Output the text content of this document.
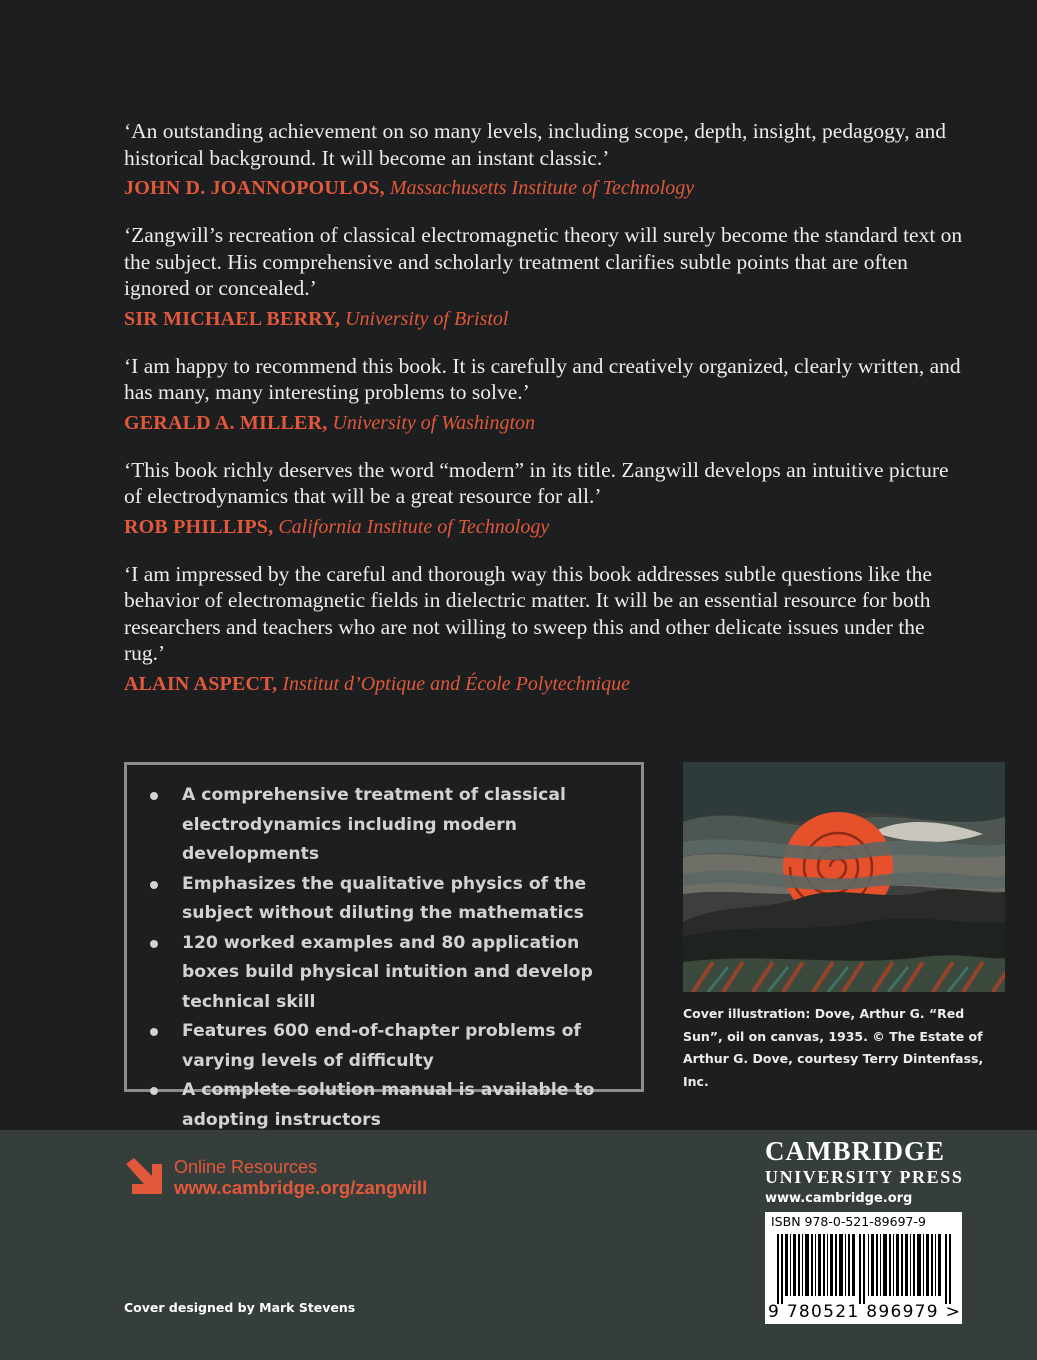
‘An outstanding achievement on so many levels, including scope, depth, insight, pedagogy, and historical background. It will become an instant classic.’

JOHN D. JOANNOPOULOS, Massachusetts Institute of Technology

‘Zangwill’s recreation of classical electromagnetic theory will surely become the standard text on the subject. His comprehensive and scholarly treatment clarifies subtle points that are often ignored or concealed.’

SIR MICHAEL BERRY, University of Bristol

‘I am happy to recommend this book. It is carefully and creatively organized, clearly written, and has many, many interesting problems to solve.’

GERALD A. MILLER, University of Washington

‘This book richly deserves the word “modern” in its title. Zangwill develops an intuitive picture of electrodynamics that will be a great resource for all.’

ROB PHILLIPS, California Institute of Technology

‘I am impressed by the careful and thorough way this book addresses subtle questions like the behavior of electromagnetic fields in dielectric matter. It will be an essential resource for both researchers and teachers who are not willing to sweep this and other delicate issues under the rug.’

ALAIN ASPECT, Institut d’Optique and École Polytechnique
A comprehensive treatment of classical electrodynamics including modern developments
Emphasizes the qualitative physics of the subject without diluting the mathematics
120 worked examples and 80 application boxes build physical intuition and develop technical skill
Features 600 end-of-chapter problems of varying levels of difficulty
A complete solution manual is available to adopting instructors
Cover illustration: Dove, Arthur G. “Red Sun”, oil on canvas, 1935. © The Estate of Arthur G. Dove, courtesy Terry Dintenfass, Inc.
Online Resources
www.cambridge.org/zangwill
CAMBRIDGE
UNIVERSITY PRESS
www.cambridge.org
ISBN 978-0-521-89697-9
9 780521 896979 >
Cover designed by Mark Stevens
